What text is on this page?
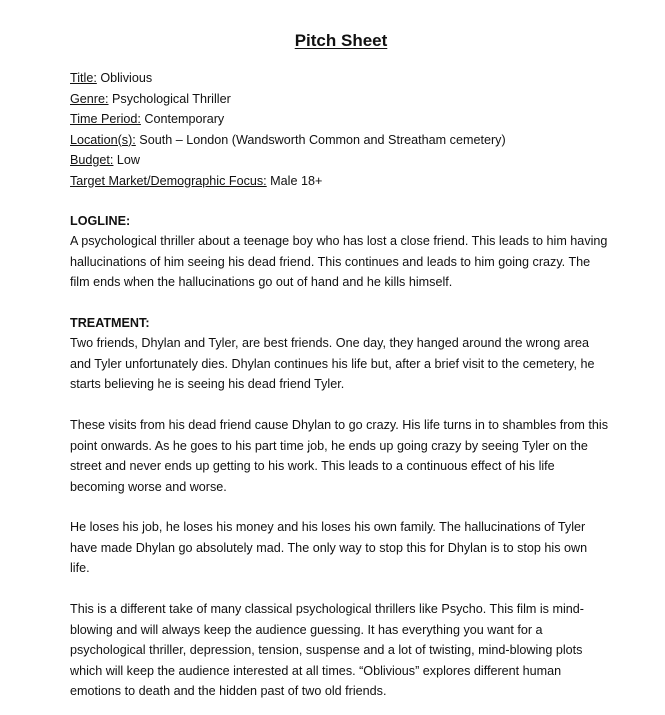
Pitch Sheet
Title: Oblivious
Genre: Psychological Thriller
Time Period: Contemporary
Location(s): South – London (Wandsworth Common and Streatham cemetery)
Budget: Low
Target Market/Demographic Focus: Male 18+
LOGLINE:

A psychological thriller about a teenage boy who has lost a close friend. This leads to him having hallucinations of him seeing his dead friend. This continues and leads to him going crazy. The film ends when the hallucinations go out of hand and he kills himself.

TREATMENT:

Two friends, Dhylan and Tyler, are best friends. One day, they hanged around the wrong area and Tyler unfortunately dies. Dhylan continues his life but, after a brief visit to the cemetery, he starts believing he is seeing his dead friend Tyler.

These visits from his dead friend cause Dhylan to go crazy. His life turns in to shambles from this point onwards. As he goes to his part time job, he ends up going crazy by seeing Tyler on the street and never ends up getting to his work. This leads to a continuous effect of his life becoming worse and worse.

He loses his job, he loses his money and his loses his own family. The hallucinations of Tyler have made Dhylan go absolutely mad. The only way to stop this for Dhylan is to stop his own life.

This is a different take of many classical psychological thrillers like Psycho. This film is mind-blowing and will always keep the audience guessing. It has everything you want for a psychological thriller, depression, tension, suspense and a lot of twisting, mind-blowing plots which will keep the audience interested at all times. “Oblivious” explores different human emotions to death and the hidden past of two old friends.
